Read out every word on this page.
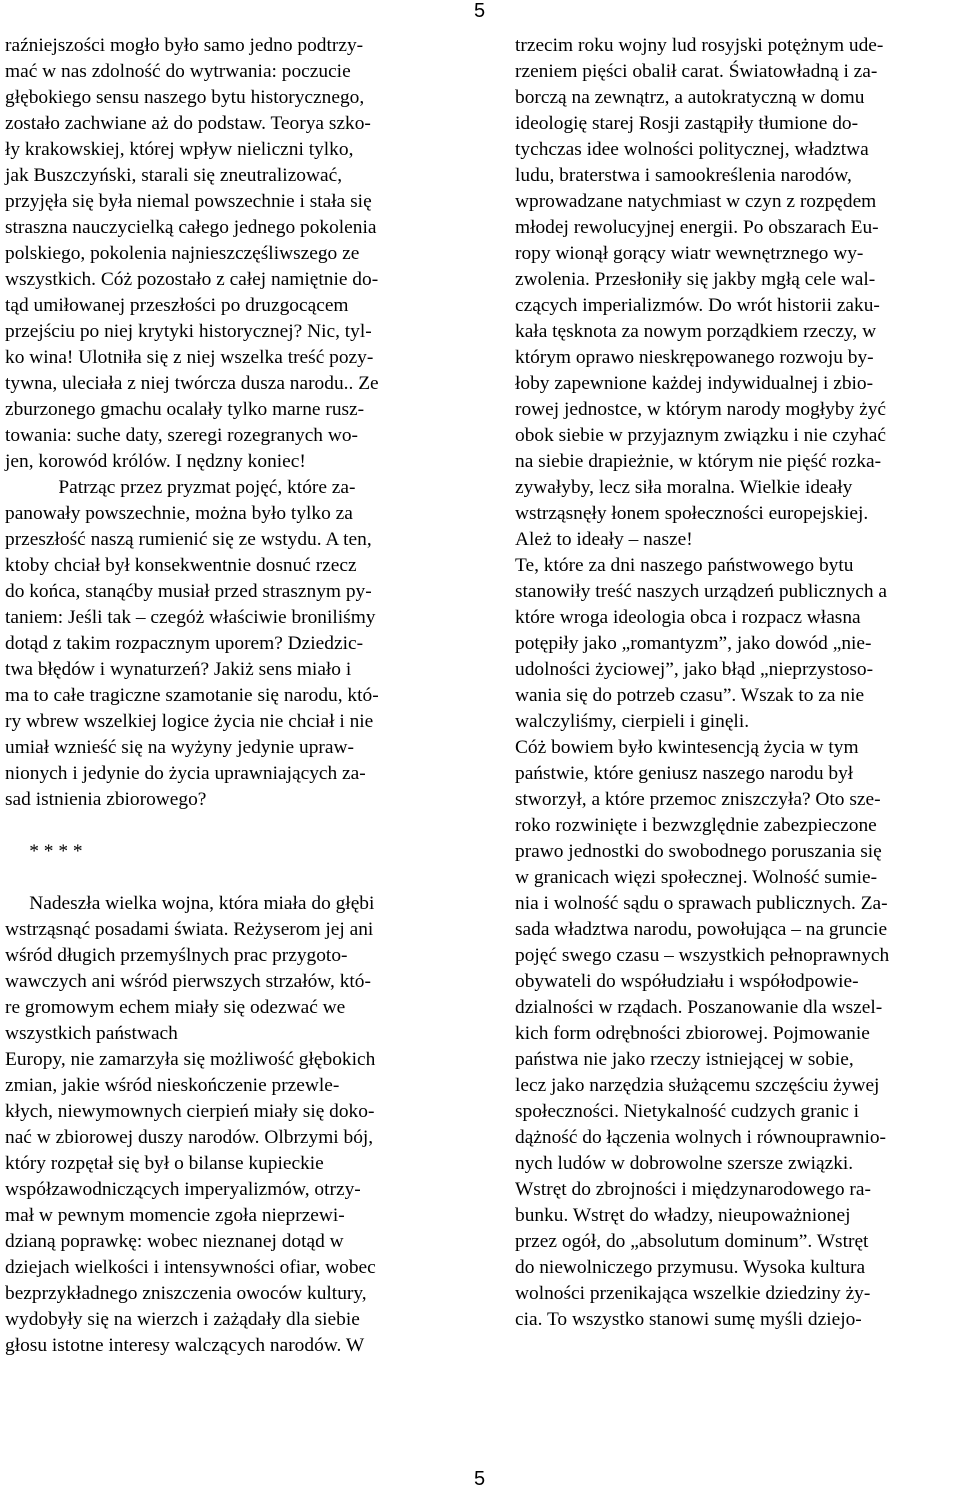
5
raźniejszości mogło było samo jedno podtrzy-
mać w nas zdolność do wytrwania: poczucie
głębokiego sensu naszego bytu historycznego,
zostało zachwiane aż do podstaw. Teorya szko-
ły krakowskiej, której wpływ nieliczni tylko,
jak Buszczyński, starali się zneutralizować,
przyjęła się była niemal powszechnie i stała się
straszna nauczycielką całego jednego pokolenia
polskiego, pokolenia najnieszczęśliwszego ze
wszystkich. Cóż pozostało z całej namiętnie do-
tąd umiłowanej przeszłości po druzgocącem
przejściu po niej krytyki historycznej? Nic, tyl-
ko wina! Ulotniła się z niej wszelka treść pozy-
tywna, uleciała z niej twórcza dusza narodu.. Ze
zburzonego gmachu ocalały tylko marne rusz-
towania: suche daty, szeregi rozegranych wo-
jen, korowód królów. I nędzny koniec!
Patrząc przez pryzmat pojęć, które za-
panowały powszechnie, można było tylko za
przeszłość naszą rumienić się ze wstydu. A ten,
ktoby chciał był konsekwentnie dosnuć rzecz
do końca, stanąćby musiał przed strasznym py-
taniem: Jeśli tak – czegóż właściwie broniliśmy
dotąd z takim rozpacznym uporem? Dziedzic-
twa błędów i wynaturzeń? Jakiż sens miało i
ma to całe tragiczne szamotanie się narodu, któ-
ry wbrew wszelkiej logice życia nie chciał i nie
umiał wznieść się na wyżyny jedynie upraw-
nionych i jedynie do życia uprawniających za-
sad istnienia zbiorowego?
* * * *
Nadeszła wielka wojna, która miała do głębi
wstrząsnąć posadami świata. Reżyserom jej ani
wśród długich przemyślnych prac przygoto-
wawczych ani wśród pierwszych strzałów, któ-
re gromowym echem miały się odezwać we
wszystkich państwach
Europy, nie zamarzyła się możliwość głębokich
zmian, jakie wśród nieskończenie przewle-
kłych, niewymownych cierpień miały się doko-
nać w zbiorowej duszy narodów. Olbrzymi bój,
który rozpętał się był o bilanse kupieckie
współzawodniczących imperyalizmów, otrzy-
mał w pewnym momencie zgoła nieprzewi-
dzianą poprawkę: wobec nieznanej dotąd w
dziejach wielkości i intensywności ofiar, wobec
bezprzykładnego zniszczenia owoców kultury,
wydobyły się na wierzch i zażądały dla siebie
głosu istotne interesy walczących narodów. W
trzecim roku wojny lud rosyjski potężnym ude-
rzeniem pięści obalił carat. Światowładną i za-
borczą na zewnątrz, a autokratyczną w domu
ideologię starej Rosji zastąpiły tłumione do-
tychczas idee wolności politycznej, władztwa
ludu, braterstwa i samookreślenia narodów,
wprowadzane natychmiast w czyn z rozpędem
młodej rewolucyjnej energii. Po obszarach Eu-
ropy wionął gorący wiatr wewnętrznego wy-
zwolenia. Przesłoniły się jakby mgłą cele wal-
czących imperializmów. Do wrót historii zaku-
kała tęsknota za nowym porządkiem rzeczy, w
którym oprawo nieskrępowanego rozwoju by-
łoby zapewnione każdej indywidualnej i zbio-
rowej jednostce, w którym narody mogłyby żyć
obok siebie w przyjaznym związku i nie czyhać
na siebie drapieżnie, w którym nie pięść rozka-
zywałyby, lecz siła moralna. Wielkie ideały
wstrząsnęły łonem społeczności europejskiej.
Ależ to ideały – nasze!
Te, które za dni naszego państwowego bytu
stanowiły treść naszych urządzeń publicznych a
które wroga ideologia obca i rozpacz własna
potępiły jako „romantyzm”, jako dowód „nie-
udolności życiowej”, jako błąd „nieprzystoso-
wania się do potrzeb czasu”. Wszak to za nie
walczyliśmy, cierpieli i ginęli.
Cóż bowiem było kwintesencją życia w tym
państwie, które geniusz naszego narodu był
stworzył, a które przemoc zniszczyła? Oto sze-
roko rozwinięte i bezwzględnie zabezpieczone
prawo jednostki do swobodnego poruszania się
w granicach więzi społecznej. Wolność sumie-
nia i wolność sądu o sprawach publicznych. Za-
sada władztwa narodu, powołująca – na gruncie
pojęć swego czasu – wszystkich pełnoprawnych
obywateli do współudziału i współodpowie-
dzialności w rządach. Poszanowanie dla wszel-
kich form odrębności zbiorowej. Pojmowanie
państwa nie jako rzeczy istniejącej w sobie,
lecz jako narzędzia służącemu szczęściu żywej
społeczności. Nietykalność cudzych granic i
dążność do łączenia wolnych i równouprawnio-
nych ludów w dobrowolne szersze związki.
Wstręt do zbrojności i międzynarodowego ra-
bunku. Wstręt do władzy, nieupoważnionej
przez ogół, do „absolutum dominum”. Wstręt
do niewolniczego przymusu. Wysoka kultura
wolności przenikająca wszelkie dziedziny ży-
cia. To wszystko stanowi sumę myśli dziejo-
5
